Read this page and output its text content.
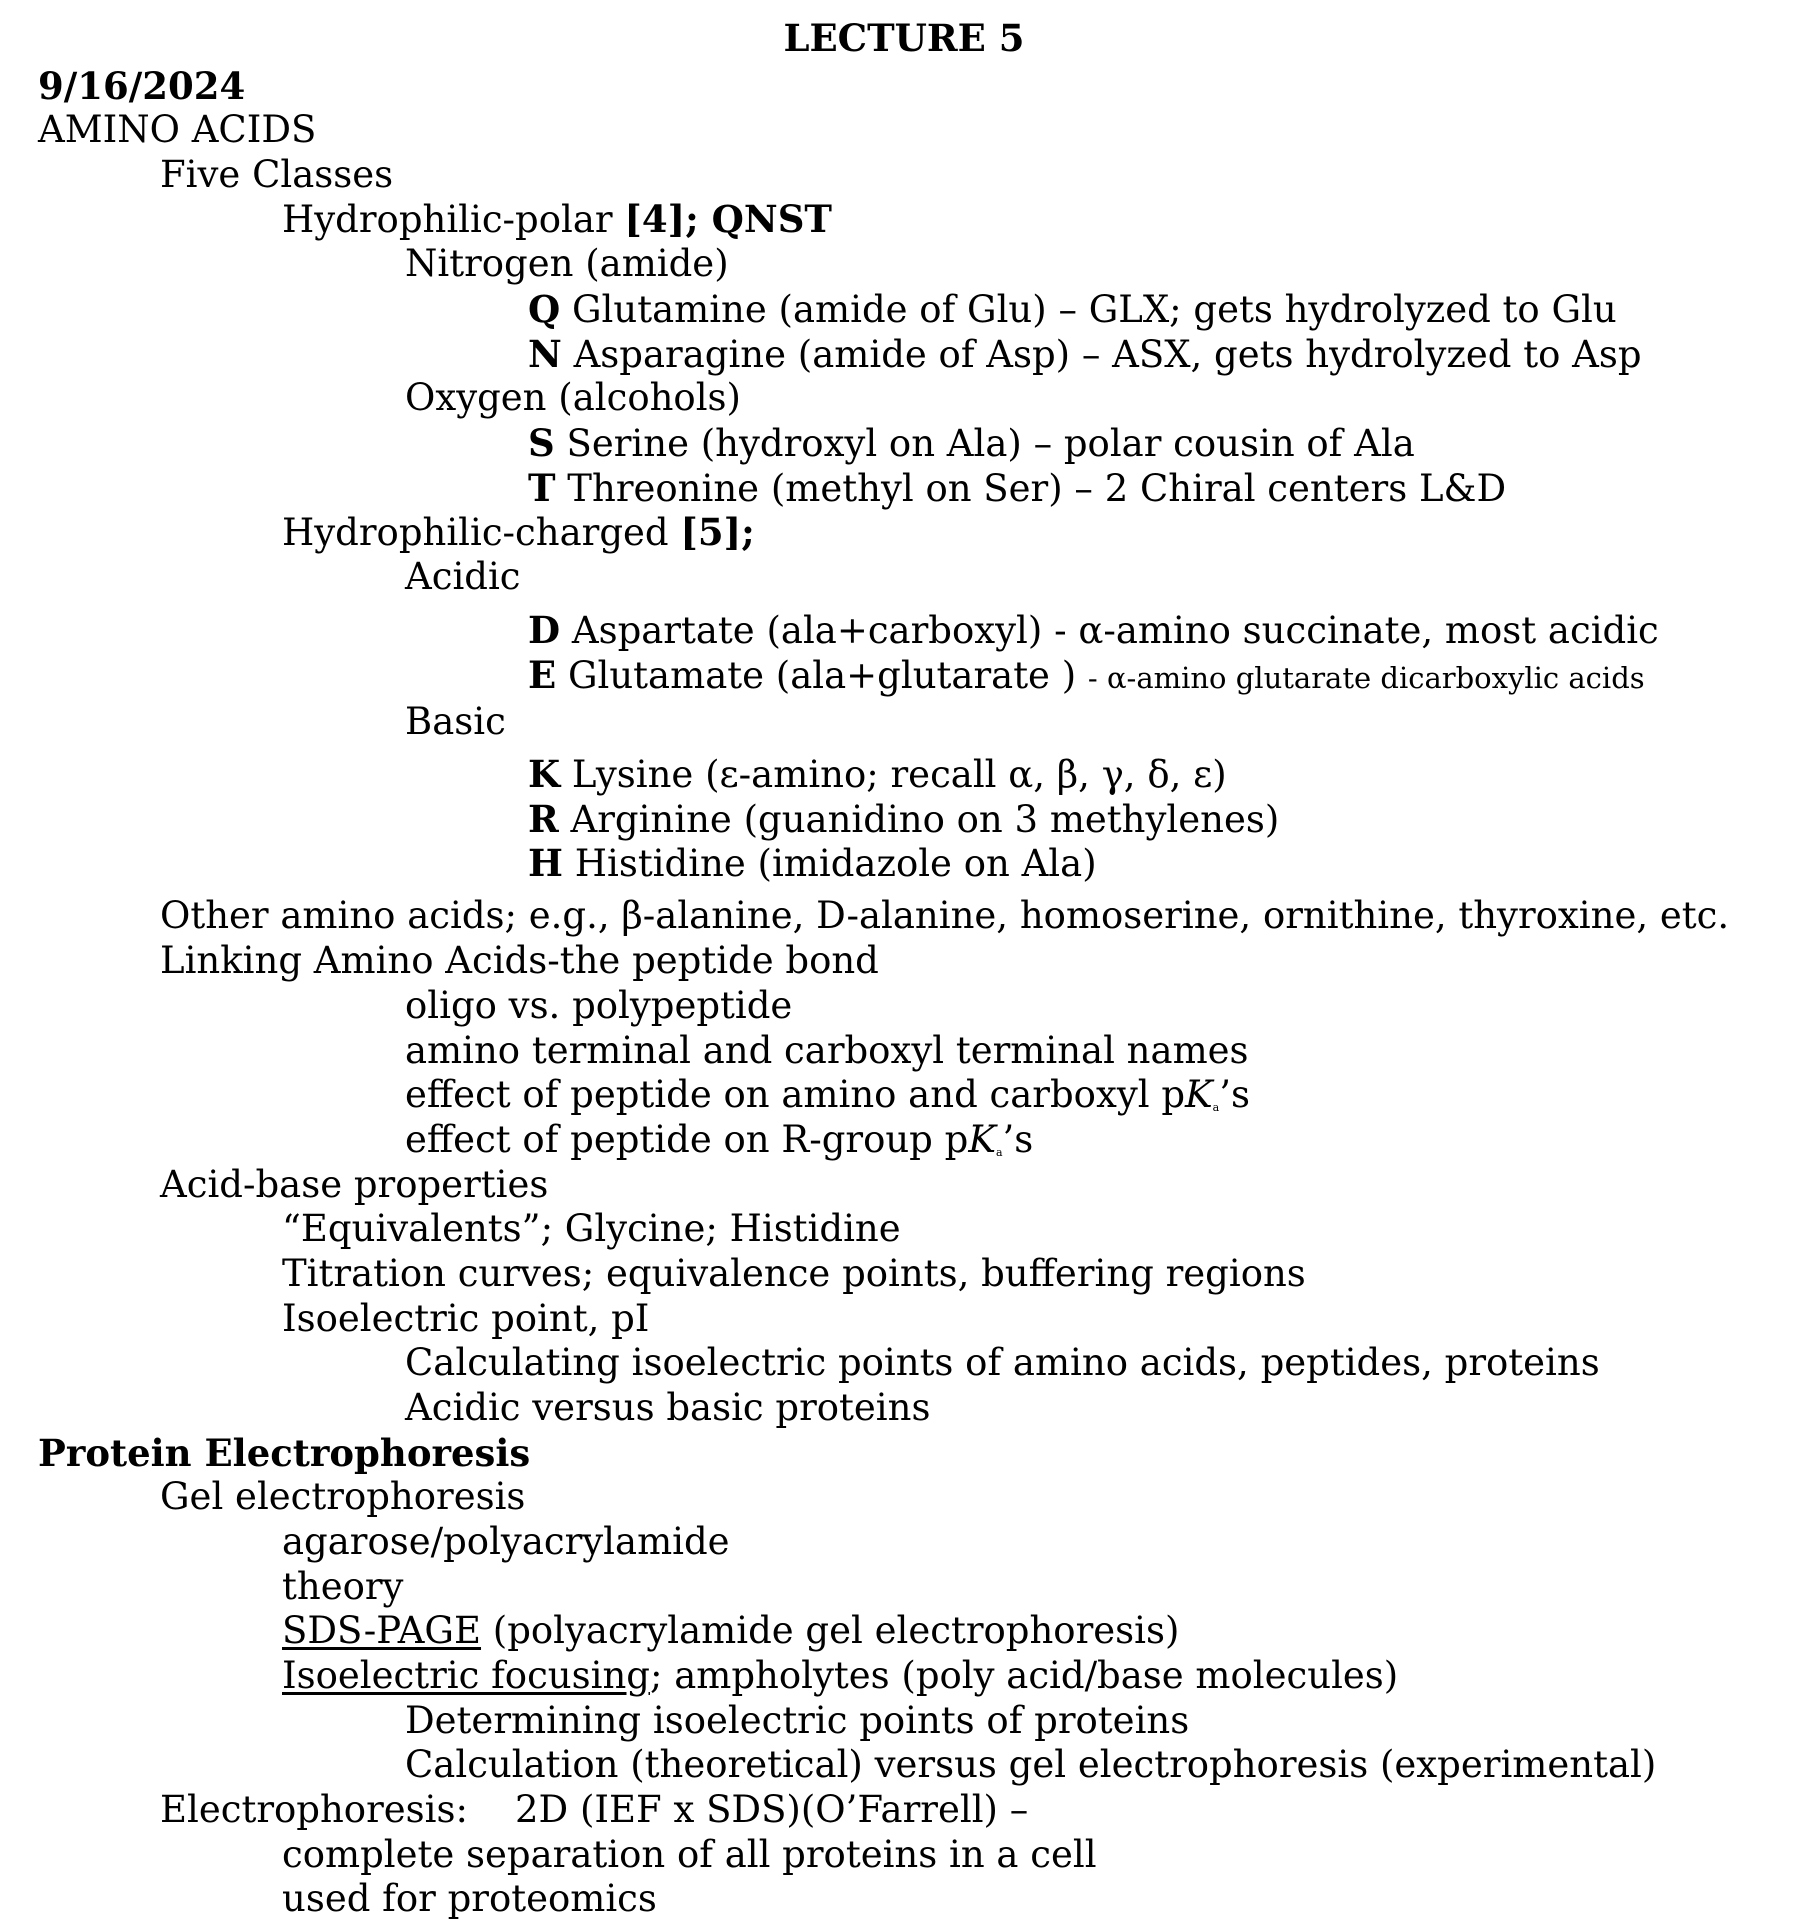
LECTURE 5
9/16/2024
AMINO ACIDS
Five Classes
Hydrophilic-polar [4]; QNST
Nitrogen (amide)
Q Glutamine (amide of Glu) – GLX; gets hydrolyzed to Glu
N Asparagine (amide of Asp) – ASX, gets hydrolyzed to Asp
Oxygen (alcohols)
S Serine (hydroxyl on Ala) – polar cousin of Ala
T Threonine (methyl on Ser) – 2 Chiral centers L&D
Hydrophilic-charged [5];
Acidic
D Aspartate (ala+carboxyl) - α-amino succinate, most acidic
E Glutamate (ala+glutarate ) - α-amino glutarate dicarboxylic acids
Basic
K Lysine (ε-amino; recall α, β, γ, δ, ε)
R Arginine (guanidino on 3 methylenes)
H Histidine (imidazole on Ala)
Other amino acids; e.g., β-alanine, D-alanine, homoserine, ornithine, thyroxine, etc.
Linking Amino Acids-the peptide bond
oligo vs. polypeptide
amino terminal and carboxyl terminal names
effect of peptide on amino and carboxyl $pK_a’s$
effect of peptide on R-group $pK_a’s$
Acid-base properties
“Equivalents”; Glycine; Histidine
Titration curves; equivalence points, buffering regions
Isoelectric point, pI
Calculating isoelectric points of amino acids, peptides, proteins
Acidic versus basic proteins
Protein Electrophoresis
Gel electrophoresis
agarose/polyacrylamide
theory
SDS-PAGE (polyacrylamide gel electrophoresis)
Isoelectric focusing; ampholytes (poly acid/base molecules)
Determining isoelectric points of proteins
Calculation (theoretical) versus gel electrophoresis (experimental)
Electrophoresis:    2D (IEF x SDS)(O’Farrell) –
complete separation of all proteins in a cell
used for proteomics
